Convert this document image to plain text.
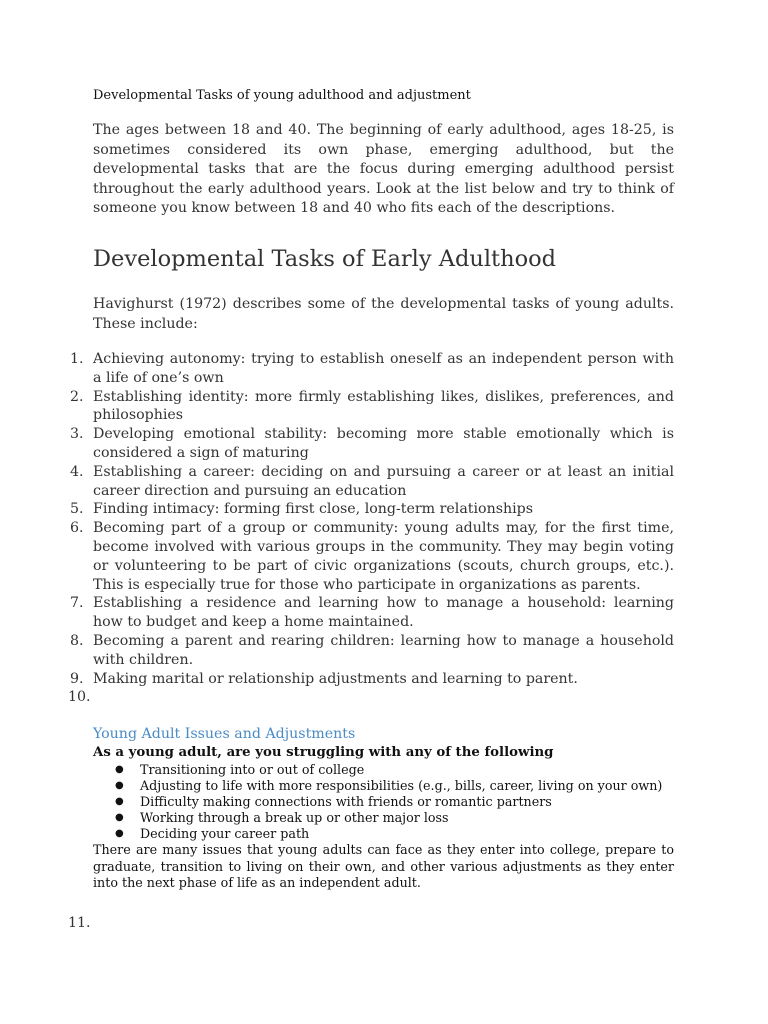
Developmental Tasks of young adulthood and adjustment

The ages between 18 and 40. The beginning of early adulthood, ages 18-25, is sometimes considered its own phase, emerging adulthood, but the developmental tasks that are the focus during emerging adulthood persist throughout the early adulthood years. Look at the list below and try to think of someone you know between 18 and 40 who fits each of the descriptions.

Developmental Tasks of Early Adulthood

Havighurst (1972) describes some of the developmental tasks of young adults. These include:

1. Achieving autonomy: trying to establish oneself as an independent person with a life of one’s own
2. Establishing identity: more firmly establishing likes, dislikes, preferences, and philosophies
3. Developing emotional stability: becoming more stable emotionally which is considered a sign of maturing
4. Establishing a career: deciding on and pursuing a career or at least an initial career direction and pursuing an education
5. Finding intimacy: forming first close, long-term relationships
6. Becoming part of a group or community: young adults may, for the first time, become involved with various groups in the community. They may begin voting or volunteering to be part of civic organizations (scouts, church groups, etc.). This is especially true for those who participate in organizations as parents.
7. Establishing a residence and learning how to manage a household: learning how to budget and keep a home maintained.
8. Becoming a parent and rearing children: learning how to manage a household with children.
9. Making marital or relationship adjustments and learning to parent.
10.

Young Adult Issues and Adjustments

As a young adult, are you struggling with any of the following

● Transitioning into or out of college
● Adjusting to life with more responsibilities (e.g., bills, career, living on your own)
● Difficulty making connections with friends or romantic partners
● Working through a break up or other major loss
● Deciding your career path

There are many issues that young adults can face as they enter into college, prepare to graduate, transition to living on their own, and other various adjustments as they enter into the next phase of life as an independent adult.

11.
